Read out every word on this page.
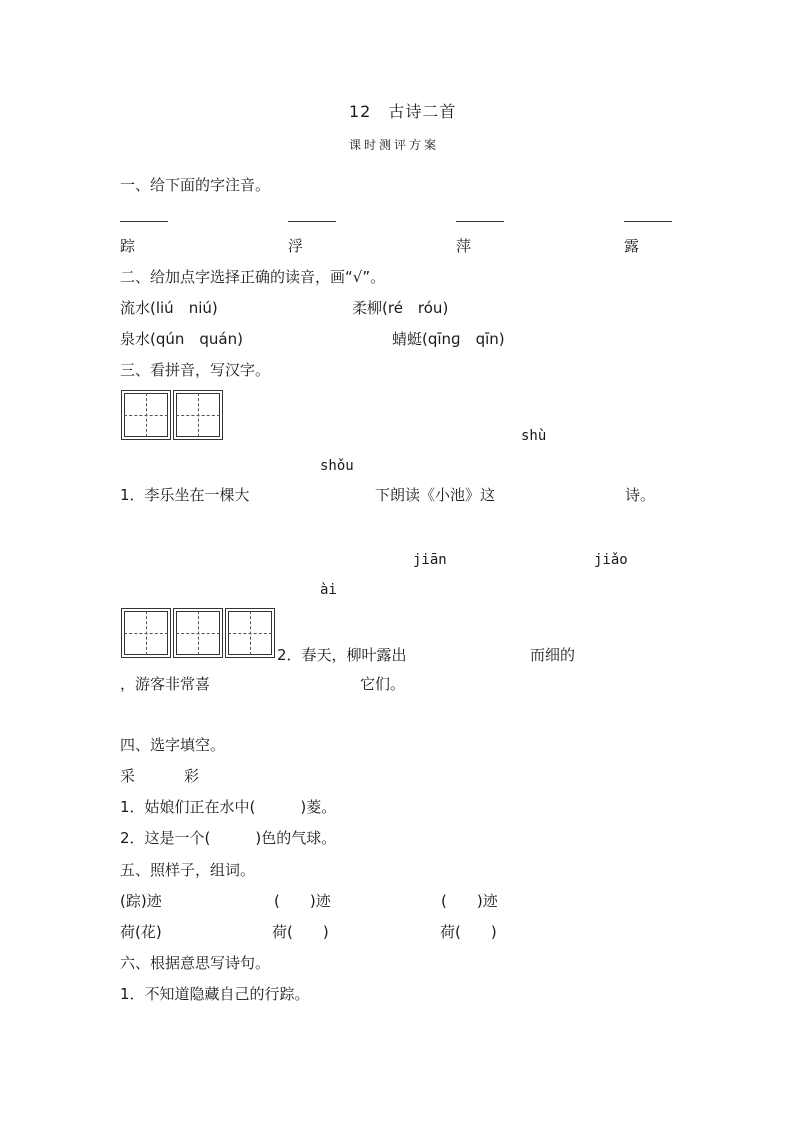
12　古诗二首
课时测评方案
一、给下面的字注音。
踪	浮	萍	露
二、给加点字选择正确的读音，画“√”。
流水(liú　niú)	柔柳(ré　róu)
泉水(qún　quán)	蜻蜓(qīnɡ　qīn)
三、看拼音，写汉字。
shù
shǒu
1．李乐坐在一棵大	下朗读《小池》这	诗。
jiān	jiǎo
ài
2．春天，柳叶露出	而细的
，游客非常喜	它们。
四、选字填空。
采	彩
1．姑娘们正在水中(　　　)菱。
2．这是一个(　　　)色的气球。
五、照样子，组词。
(踪)迹	(　　)迹	(　　)迹
荷(花)	荷(　　)	荷(　　)
六、根据意思写诗句。
1．不知道隐藏自己的行踪。
